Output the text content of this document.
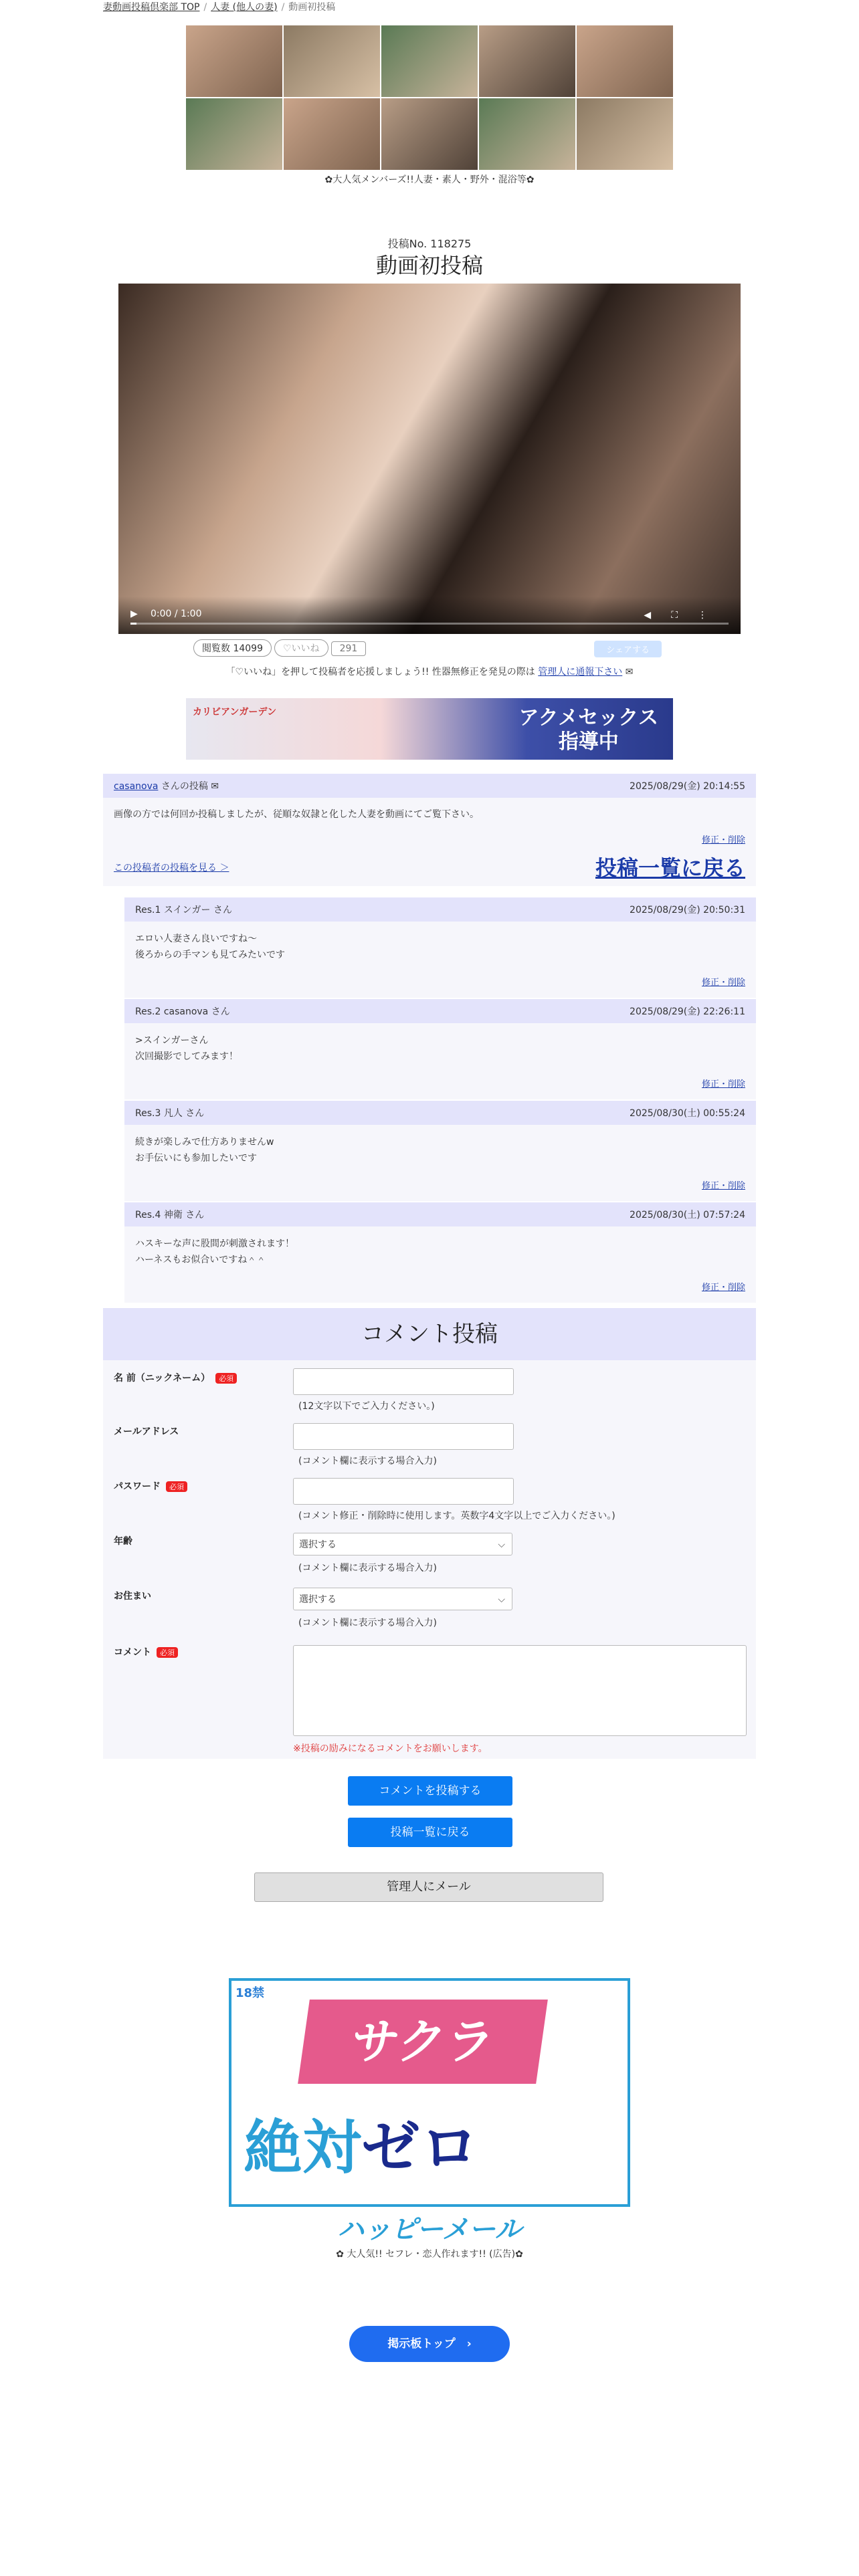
妻動画投稿倶楽部 TOP / 人妻 (他人の妻) / 動画初投稿
✿大人気メンバーズ!!人妻・素人・野外・混浴等✿
投稿No. 118275
動画初投稿
▶ 0:00 / 1:00	◀⛶⋮
閲覧数 14099 ♡いいね 291	シェアする
「♡いいね」を押して投稿者を応援しましょう!! 性器無修正を発見の際は 管理人に通報下さい ✉
カリビアンガーデン	アクメセックス
指導中
casanova さんの投稿 ✉	2025/08/29(金) 20:14:55
画像の方では何回か投稿しましたが、従順な奴隷と化した人妻を動画にてご覧下さい。
修正・削除
この投稿者の投稿を見る ＞	投稿一覧に戻る
Res.1 スインガー さん	2025/08/29(金) 20:50:31
エロい人妻さん良いですね〜
後ろからの手マンも見てみたいです
修正・削除
Res.2 casanova さん	2025/08/29(金) 22:26:11
>スインガーさん
次回撮影でしてみます！
修正・削除
Res.3 凡人 さん	2025/08/30(土) 00:55:24
続きが楽しみで仕方ありませんw
お手伝いにも参加したいです
修正・削除
Res.4 神衛 さん	2025/08/30(土) 07:57:24
ハスキーな声に股間が刺激されます！
ハーネスもお似合いですね＾＾
修正・削除
コメント投稿
名 前（ニックネーム） 必須
(12文字以下でご入力ください。)
メールアドレス
(コメント欄に表示する場合入力)
パスワード 必須
(コメント修正・削除時に使用します。英数字4文字以上でご入力ください。)
年齢	選択する	⌵
(コメント欄に表示する場合入力)
お住まい	選択する	⌵
(コメント欄に表示する場合入力)
コメント 必須
※投稿の励みになるコメントをお願いします。
コメントを投稿する
投稿一覧に戻る
管理人にメール
18禁
サクラ
絶対ゼロ
ハッピーメール
✿ 大人気!! セフレ・恋人作れます!! (広告)✿
掲示板トップ　›
